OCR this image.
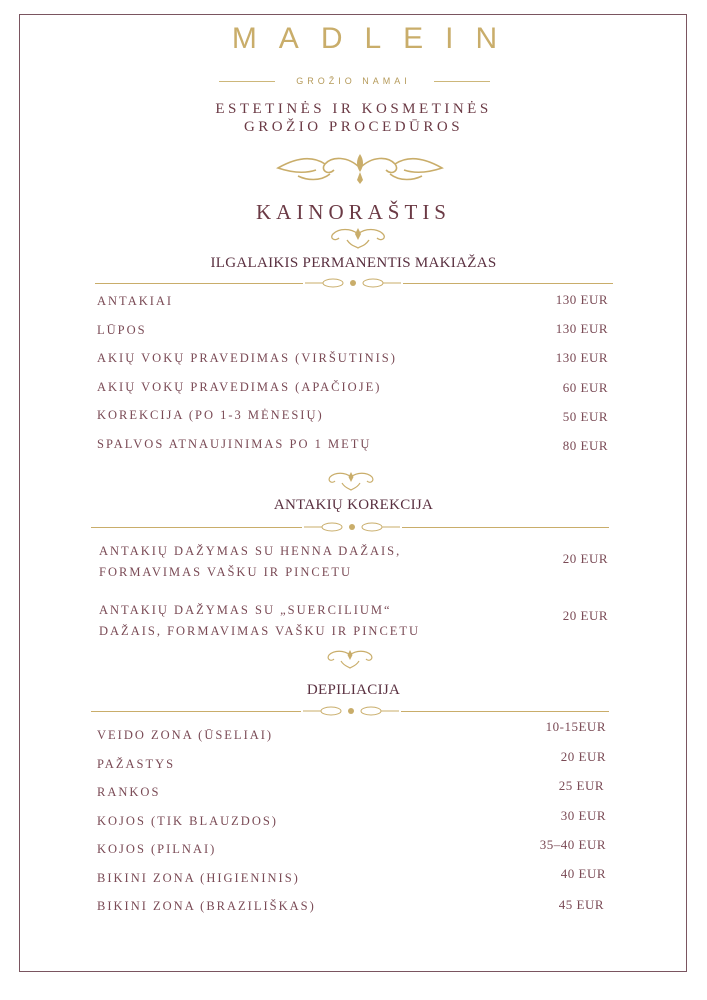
MADLEIN
GROŽIO NAMAI
ESTETINĖS IR KOSMETINĖS
GROŽIO PROCEDŪROS
KAINORAŠTIS
ILGALAIKIS PERMANENTIS MAKIAŽAS
ANTAKIAI	130 EUR
LŪPOS	130 EUR
AKIŲ VOKŲ PRAVEDIMAS (VIRŠUTINIS)	130 EUR
AKIŲ VOKŲ PRAVEDIMAS (APAČIOJE)	60 EUR
KOREKCIJA (PO 1-3 MĖNESIŲ)	50 EUR
SPALVOS ATNAUJINIMAS PO 1 METŲ	80 EUR
ANTAKIŲ KOREKCIJA
ANTAKIŲ DAŽYMAS SU HENNA DAŽAIS,
FORMAVIMAS VAŠKU IR PINCETU
20 EUR
ANTAKIŲ DAŽYMAS SU „SUERCILIUM“
DAŽAIS, FORMAVIMAS VAŠKU IR PINCETU
20 EUR
DEPILIACIJA
VEIDO ZONA (ŪSELIAI)
10-15EUR
PAŽASTYS	20 EUR
RANKOS	25 EUR
KOJOS (TIK BLAUZDOS)	30 EUR
KOJOS (PILNAI)	35–40 EUR
BIKINI ZONA (HIGIENINIS)	40 EUR
BIKINI ZONA (BRAZILIŠKAS)	45 EUR
